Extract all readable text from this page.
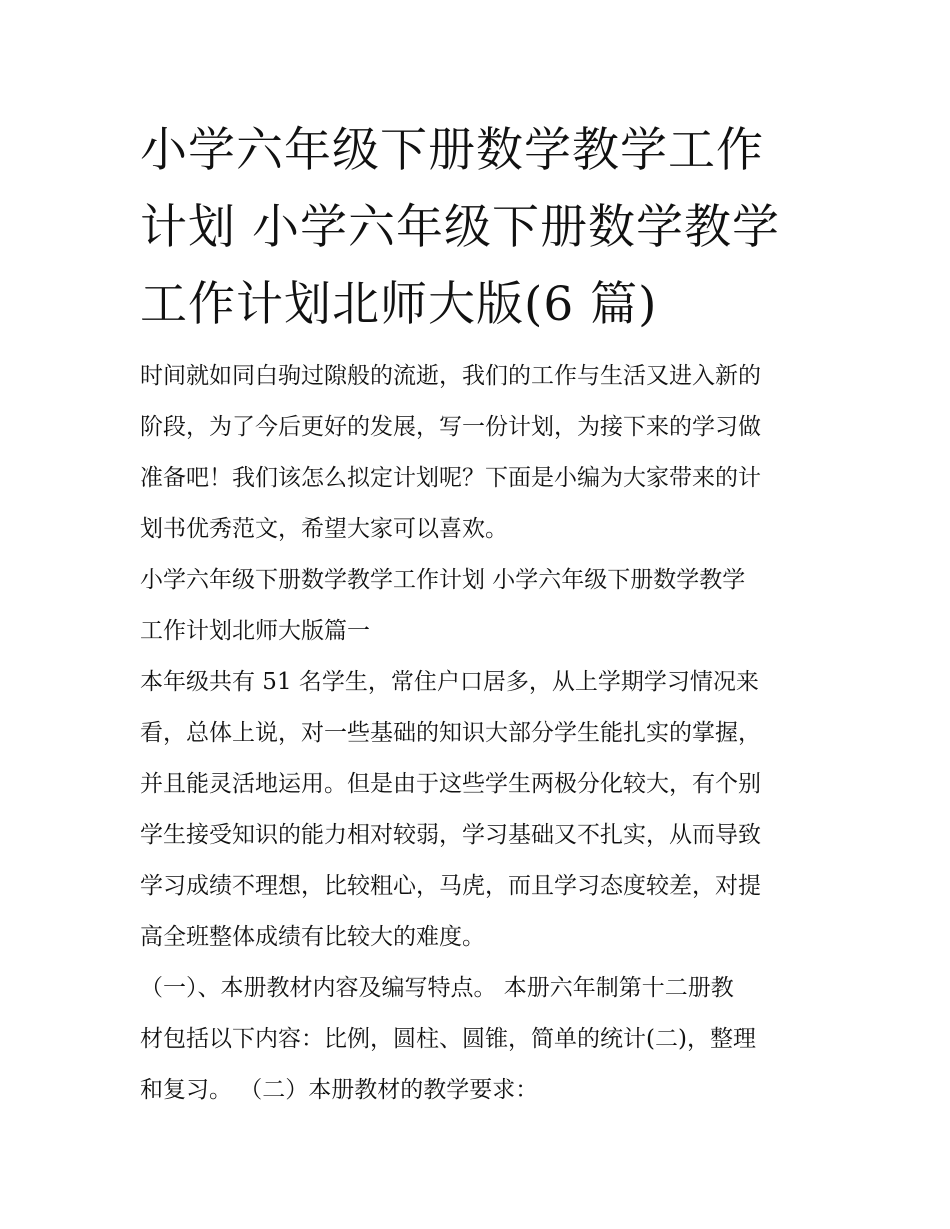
小学六年级下册数学教学工作
计划 小学六年级下册数学教学
工作计划北师大版(6 篇)

时间就如同白驹过隙般的流逝，我们的工作与生活又进入新的

阶段，为了今后更好的发展，写一份计划，为接下来的学习做

准备吧！我们该怎么拟定计划呢？下面是小编为大家带来的计

划书优秀范文，希望大家可以喜欢。

小学六年级下册数学教学工作计划 小学六年级下册数学教学

工作计划北师大版篇一

本年级共有 51 名学生，常住户口居多，从上学期学习情况来

看，总体上说，对一些基础的知识大部分学生能扎实的掌握，

并且能灵活地运用。但是由于这些学生两极分化较大，有个别

学生接受知识的能力相对较弱，学习基础又不扎实，从而导致

学习成绩不理想，比较粗心，马虎，而且学习态度较差，对提

高全班整体成绩有比较大的难度。

（一）、本册教材内容及编写特点。 本册六年制第十二册教

材包括以下内容：比例，圆柱、圆锥，简单的统计(二)，整理

和复习。 （二）本册教材的教学要求：
